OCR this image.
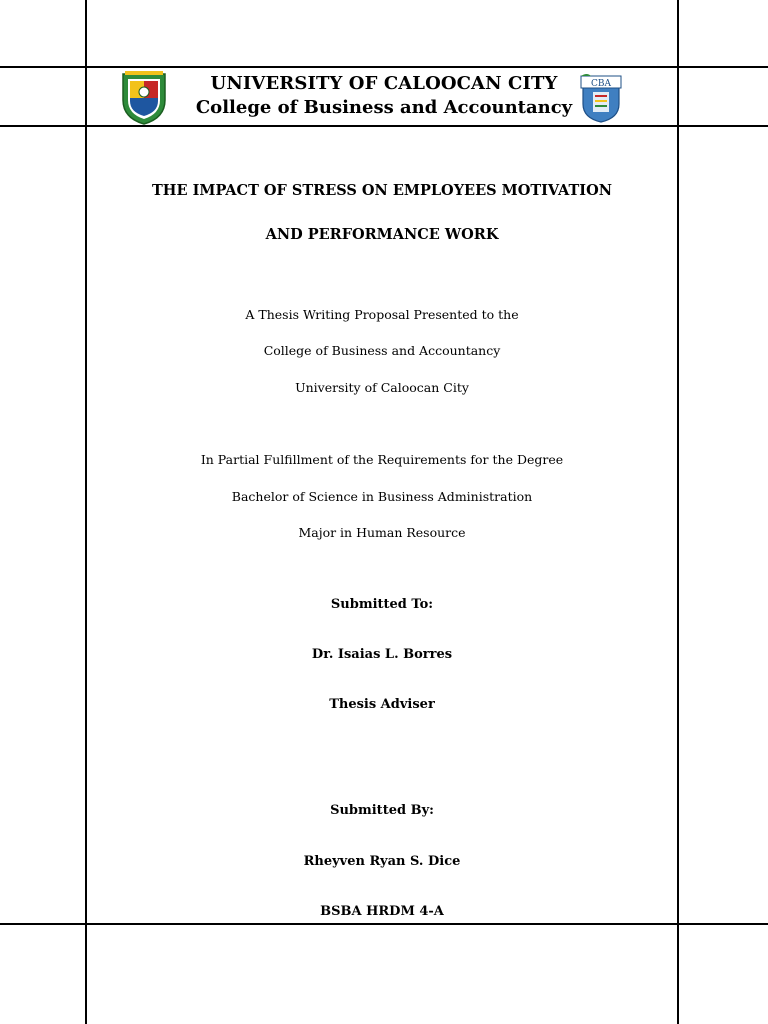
UNIVERSITY OF CALOOCAN CITY
College of Business and Accountancy
CBA
THE IMPACT OF STRESS ON EMPLOYEES MOTIVATION
AND PERFORMANCE WORK
A Thesis Writing Proposal Presented to the
College of Business and Accountancy
University of Caloocan City
In Partial Fulfillment of the Requirements for the Degree
Bachelor of Science in Business Administration
Major in Human Resource
Submitted To:
Dr. Isaias L. Borres
Thesis Adviser
Submitted By:
Rheyven Ryan S. Dice
BSBA HRDM 4-A
